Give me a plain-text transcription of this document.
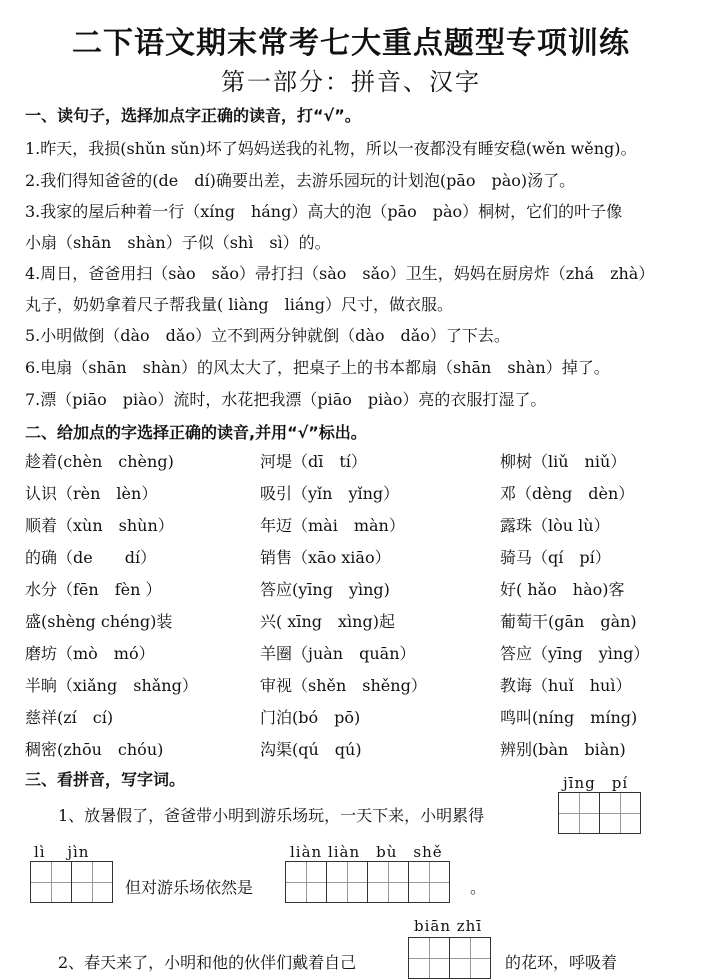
二下语文期末常考七大重点题型专项训练
第一部分：拼音、汉字
一、读句子，选择加点字正确的读音，打“√”。
1.昨天，我损(shǔn sǔn)坏了妈妈送我的礼物，所以一夜都没有睡安稳(wěn wěng)。
2.我们得知爸爸的(de　dí)确要出差，去游乐园玩的计划泡(pāo　pào)汤了。
3.我家的屋后种着一行（xíng　háng）高大的泡（pāo　pào）桐树，它们的叶子像
小扇（shān　shàn）子似（shì　sì）的。
4.周日，爸爸用扫（sào　sǎo）帚打扫（sào　sǎo）卫生，妈妈在厨房炸（zhá　zhà）
丸子，奶奶拿着尺子帮我量( liàng　liáng）尺寸，做衣服。
5.小明做倒（dào　dǎo）立不到两分钟就倒（dào　dǎo）了下去。
6.电扇（shān　shàn）的风太大了，把桌子上的书本都扇（shān　shàn）掉了。
7.漂（piāo　piào）流时，水花把我漂（piāo　piào）亮的衣服打湿了。
二、给加点的字选择正确的读音,并用“√”标出。
趁着(chèn　chèng)	河堤（dī　tí）	柳树（liǔ　niǔ）
认识（rèn　lèn）	吸引（yǐn　yǐng）	邓（dèng　dèn）
顺着（xùn　shùn）	年迈（mài　màn）	露珠（lòu lù）
的确（de　　dí）	销售（xāo xiāo）	骑马（qí　pí）
水分（fēn　fèn ）	答应(yīng　yìng)	好( hǎo　hào)客
盛(shèng chéng)装	兴( xīng　xìng)起	葡萄干(gān　gàn)
磨坊（mò　mó）	羊圈（juàn　quān）	答应（yīng　yìng）
半晌（xiǎng　shǎng）	审视（shěn　shěng）	教诲（huǐ　huì）
慈祥(zí　cí)	门泊(bó　pō)	鸣叫(níng　míng)
稠密(zhōu　chóu)	沟渠(qú　qú)	辨别(bàn　biàn)
三、看拼音，写字词。	jīng　pí
1、放暑假了，爸爸带小明到游乐场玩，一天下来，小明累得
lì　 jìn
但对游乐场依然是
liàn liàn　bù　shě
。
biān zhī
2、春天来了，小明和他的伙伴们戴着自己	的花环，呼吸着
